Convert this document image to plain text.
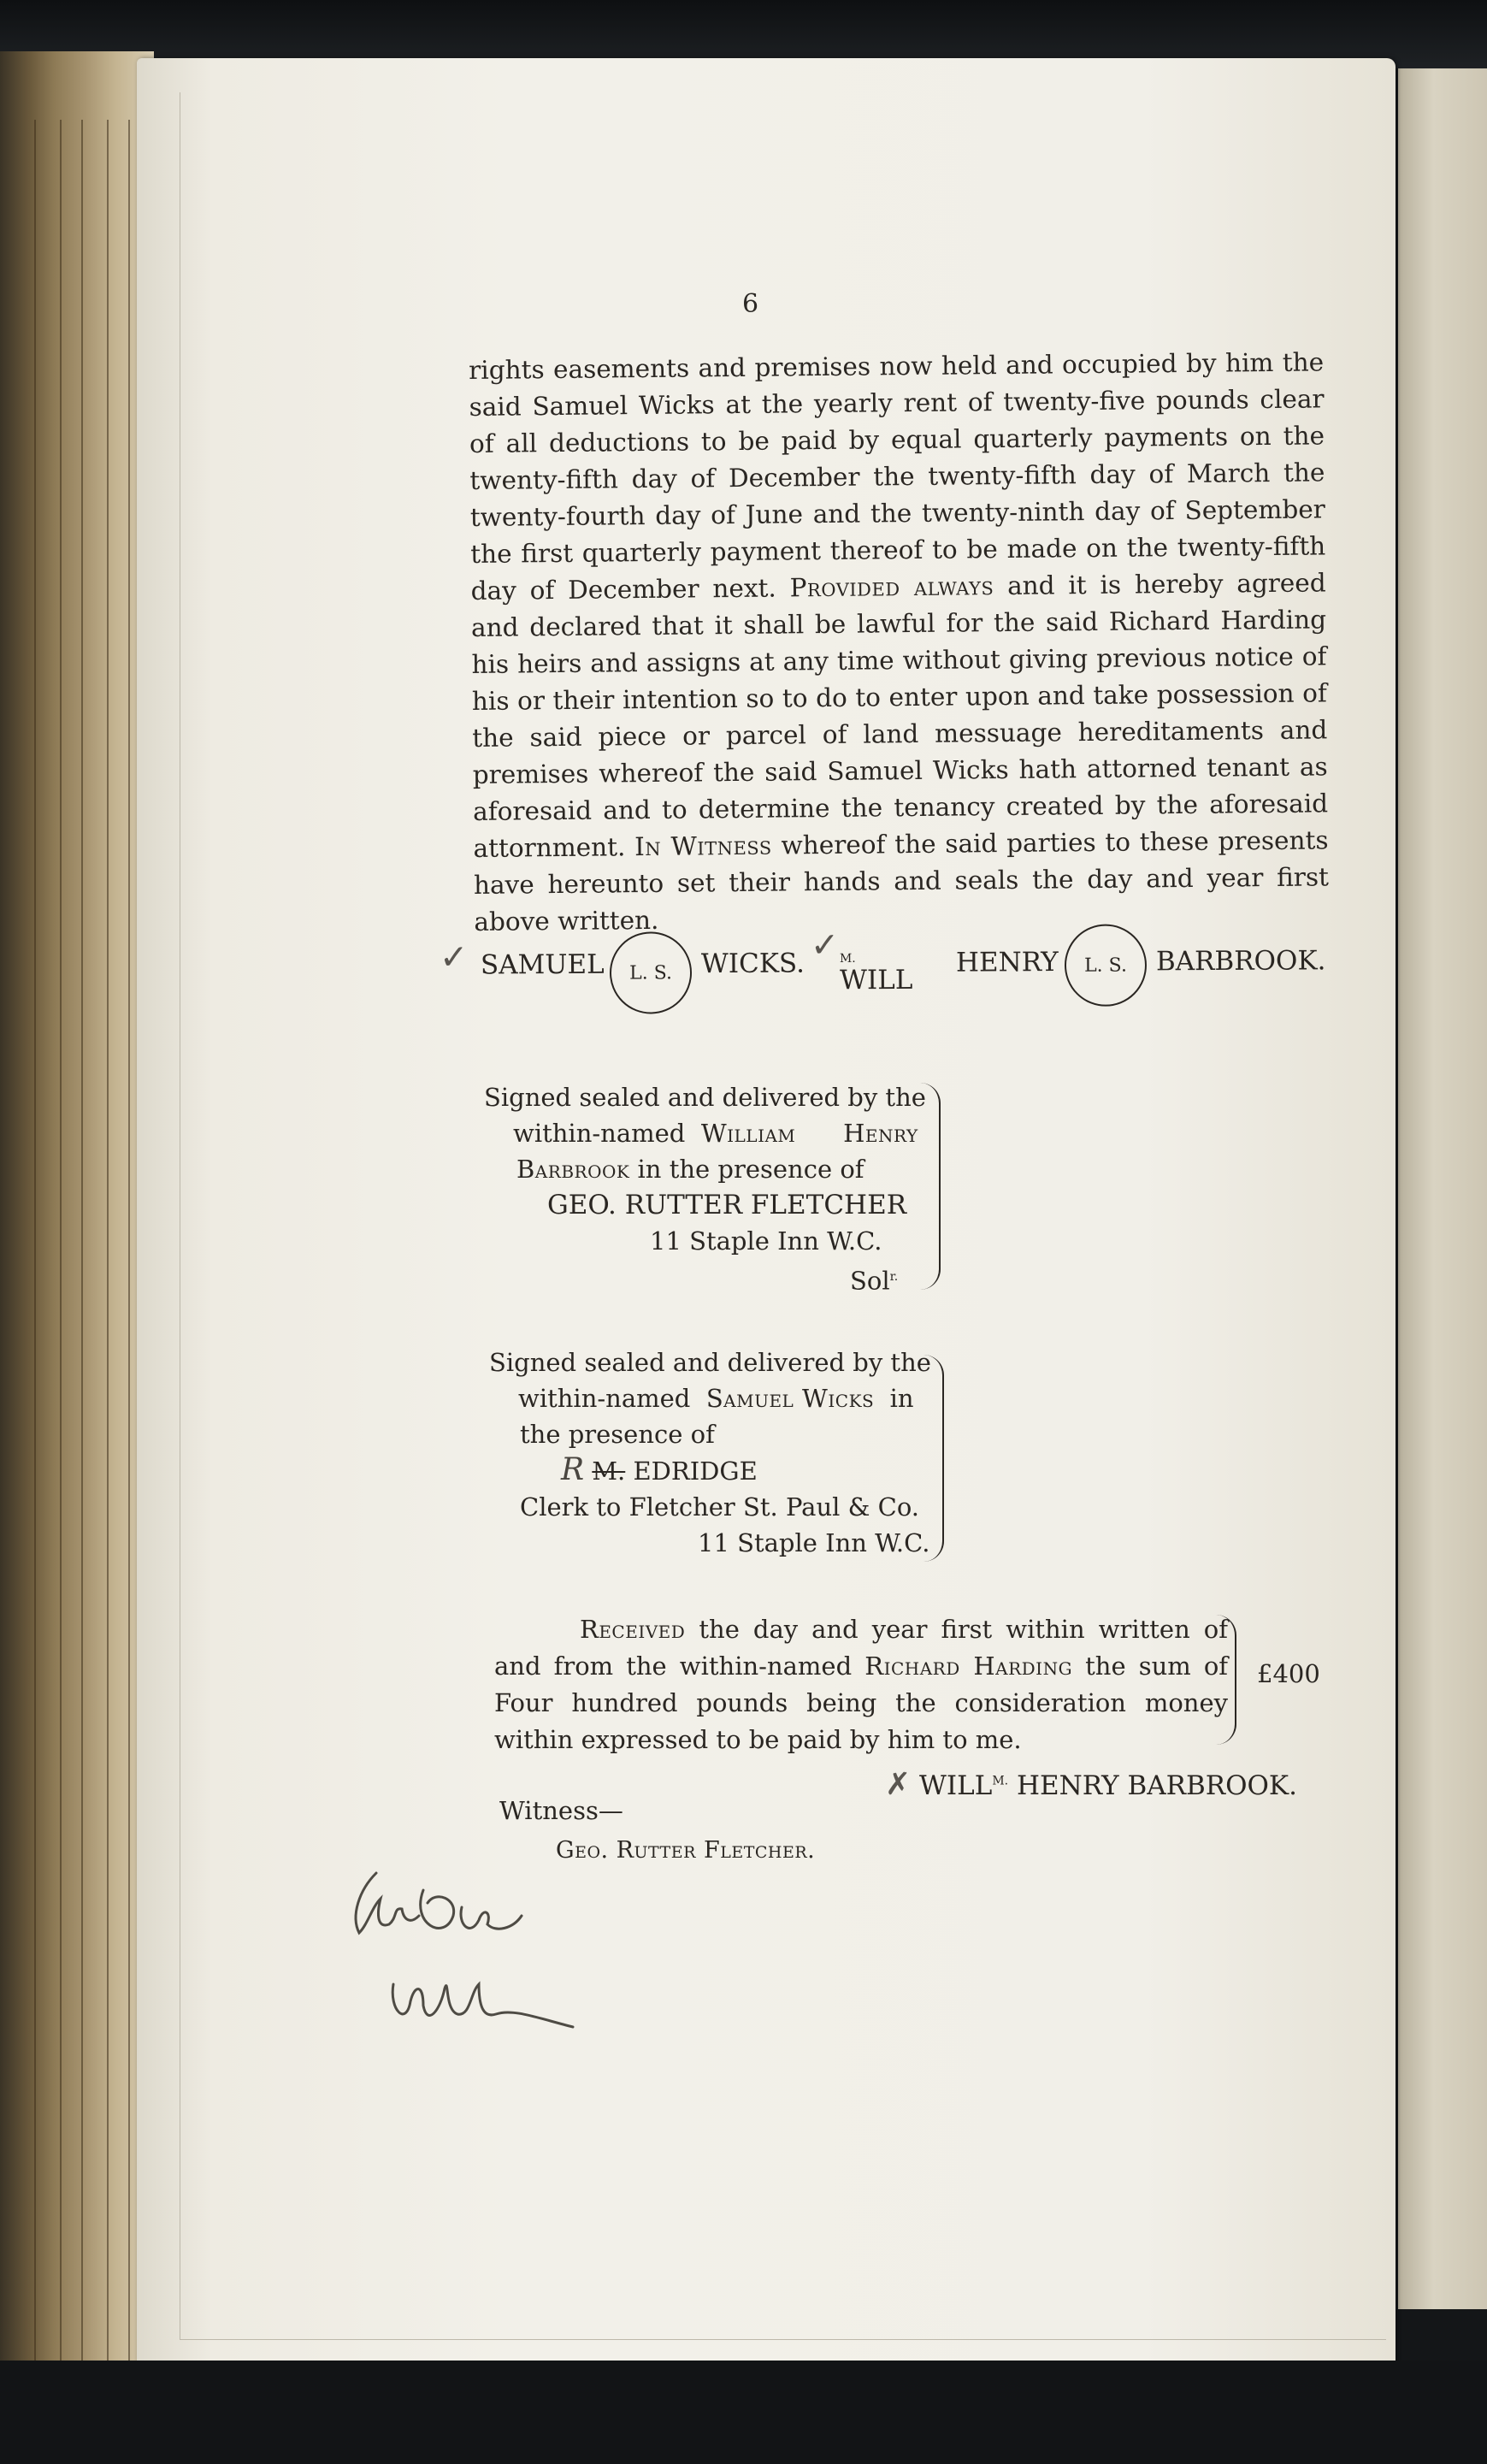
6
rights easements and premises now held and occupied by him the said Samuel Wicks at the yearly rent of twenty-five pounds clear of all deductions to be paid by equal quarterly payments on the twenty-fifth day of December the twenty-fifth day of March the twenty-fourth day of June and the twenty-ninth day of September the first quarterly payment thereof to be made on the twenty-fifth day of December next. Provided always and it is hereby agreed and declared that it shall be lawful for the said Richard Harding his heirs and assigns at any time without giving previous notice of his or their intention so to do to enter upon and take possession of the said piece or parcel of land messuage hereditaments and premises whereof the said Samuel Wicks hath attorned tenant as aforesaid and to determine the tenancy created by the aforesaid attornment. In Witness whereof the said parties to these presents have hereunto set their hands and seals the day and year first above written.
✓ SAMUEL L. S. WICKS. ✓
WILL
$^{M.}$	HENRY L. S. BARBROOK.
Signed sealed and delivered by the
within-named William Henry
Barbrook in the presence of
GEO. RUTTER FLETCHER
11 Staple Inn W.C.
Sol$^{r.}$
Signed sealed and delivered by the
within-named Samuel Wicks in
the presence of
R M. EDRIDGE
Clerk to Fletcher St. Paul & Co.
11 Staple Inn W.C.
Received the day and year first within written of and from the within-named Richard Harding the sum of Four hundred pounds being the consideration money within expressed to be paid by him to me.
£400
✗ $WILL^{M.}$ HENRY BARBROOK.
Witness—
Geo. Rutter Fletcher.
